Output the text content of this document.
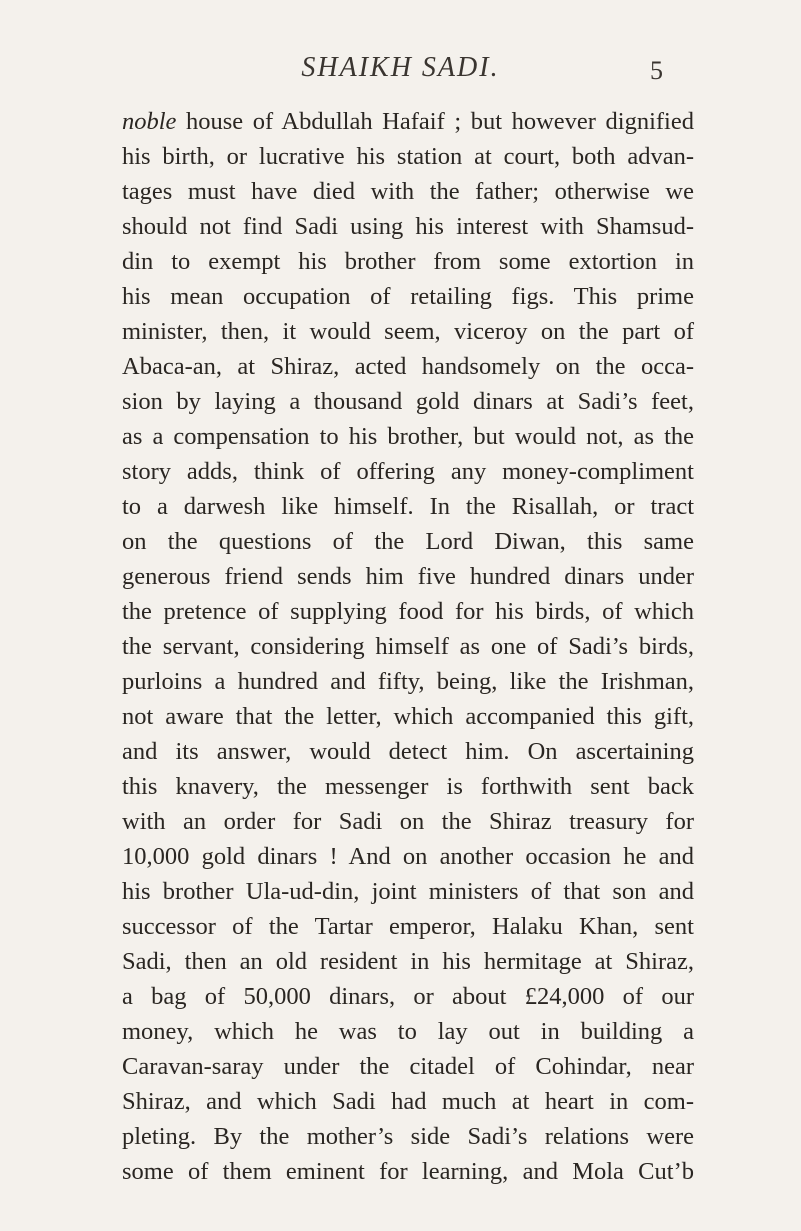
SHAIKH SADI.	5
noble house of Abdullah Hafaif ; but however dignified
his birth, or lucrative his station at court, both advan-
tages must have died with the father; otherwise we
should not find Sadi using his interest with Shamsud-
din to exempt his brother from some extortion in
his mean occupation of retailing figs. This prime
minister, then, it would seem, viceroy on the part of
Abaca-an, at Shiraz, acted handsomely on the occa-
sion by laying a thousand gold dinars at Sadi’s feet,
as a compensation to his brother, but would not, as the
story adds, think of offering any money-compliment
to a darwesh like himself. In the Risallah, or tract
on the questions of the Lord Diwan, this same
generous friend sends him five hundred dinars under
the pretence of supplying food for his birds, of which
the servant, considering himself as one of Sadi’s birds,
purloins a hundred and fifty, being, like the Irishman,
not aware that the letter, which accompanied this gift,
and its answer, would detect him. On ascertaining
this knavery, the messenger is forthwith sent back
with an order for Sadi on the Shiraz treasury for
10,000 gold dinars ! And on another occasion he and
his brother Ula-ud-din, joint ministers of that son and
successor of the Tartar emperor, Halaku Khan, sent
Sadi, then an old resident in his hermitage at Shiraz,
a bag of 50,000 dinars, or about £24,000 of our
money, which he was to lay out in building a
Caravan-saray under the citadel of Cohindar, near
Shiraz, and which Sadi had much at heart in com-
pleting. By the mother’s side Sadi’s relations were
some of them eminent for learning, and Mola Cut’b
